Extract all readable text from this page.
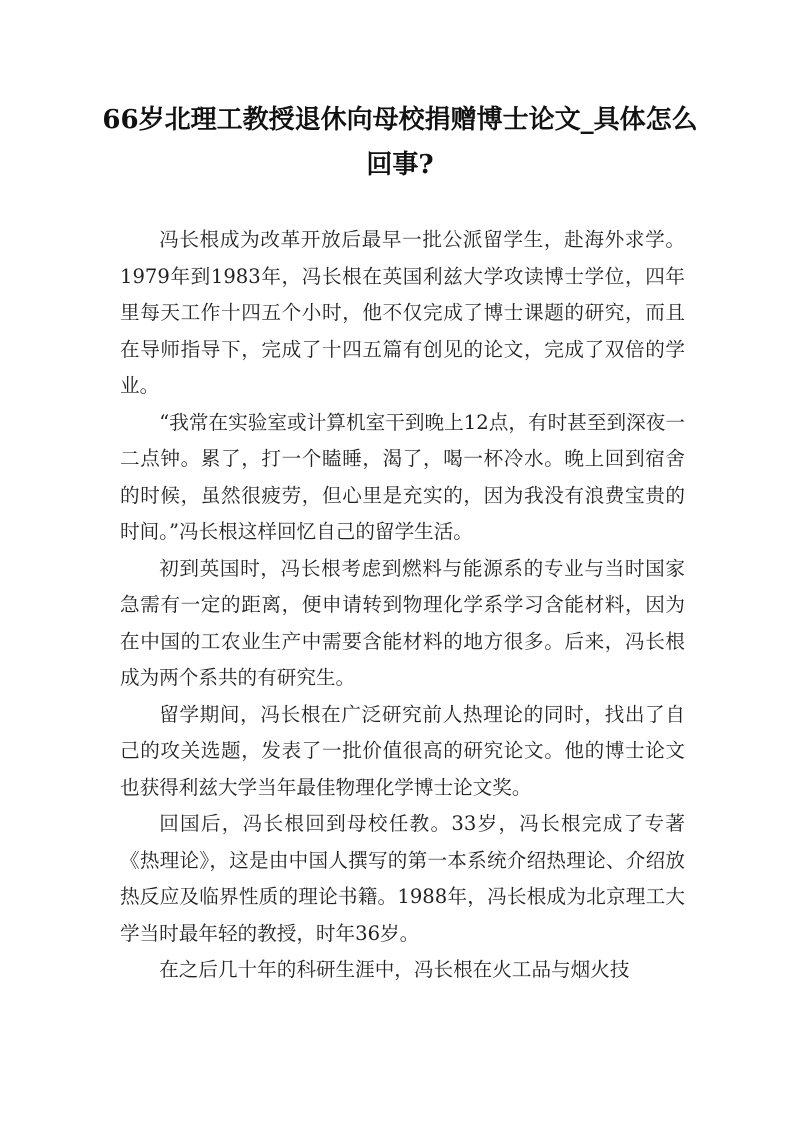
66岁北理工教授退休向母校捐赠博士论文_具体怎么回事?

冯长根成为改革开放后最早一批公派留学生，赴海外求学。1979年到1983年，冯长根在英国利兹大学攻读博士学位，四年里每天工作十四五个小时，他不仅完成了博士课题的研究，而且在导师指导下，完成了十四五篇有创见的论文，完成了双倍的学业。

“我常在实验室或计算机室干到晚上12点，有时甚至到深夜一二点钟。累了，打一个瞌睡，渴了，喝一杯冷水。晚上回到宿舍的时候，虽然很疲劳，但心里是充实的，因为我没有浪费宝贵的时间。”冯长根这样回忆自己的留学生活。

初到英国时，冯长根考虑到燃料与能源系的专业与当时国家急需有一定的距离，便申请转到物理化学系学习含能材料，因为在中国的工农业生产中需要含能材料的地方很多。后来，冯长根成为两个系共的有研究生。

留学期间，冯长根在广泛研究前人热理论的同时，找出了自己的攻关选题，发表了一批价值很高的研究论文。他的博士论文也获得利兹大学当年最佳物理化学博士论文奖。

回国后，冯长根回到母校任教。33岁，冯长根完成了专著《热理论》，这是由中国人撰写的第一本系统介绍热理论、介绍放热反应及临界性质的理论书籍。1988年，冯长根成为北京理工大学当时最年轻的教授，时年36岁。

在之后几十年的科研生涯中，冯长根在火工品与烟火技
